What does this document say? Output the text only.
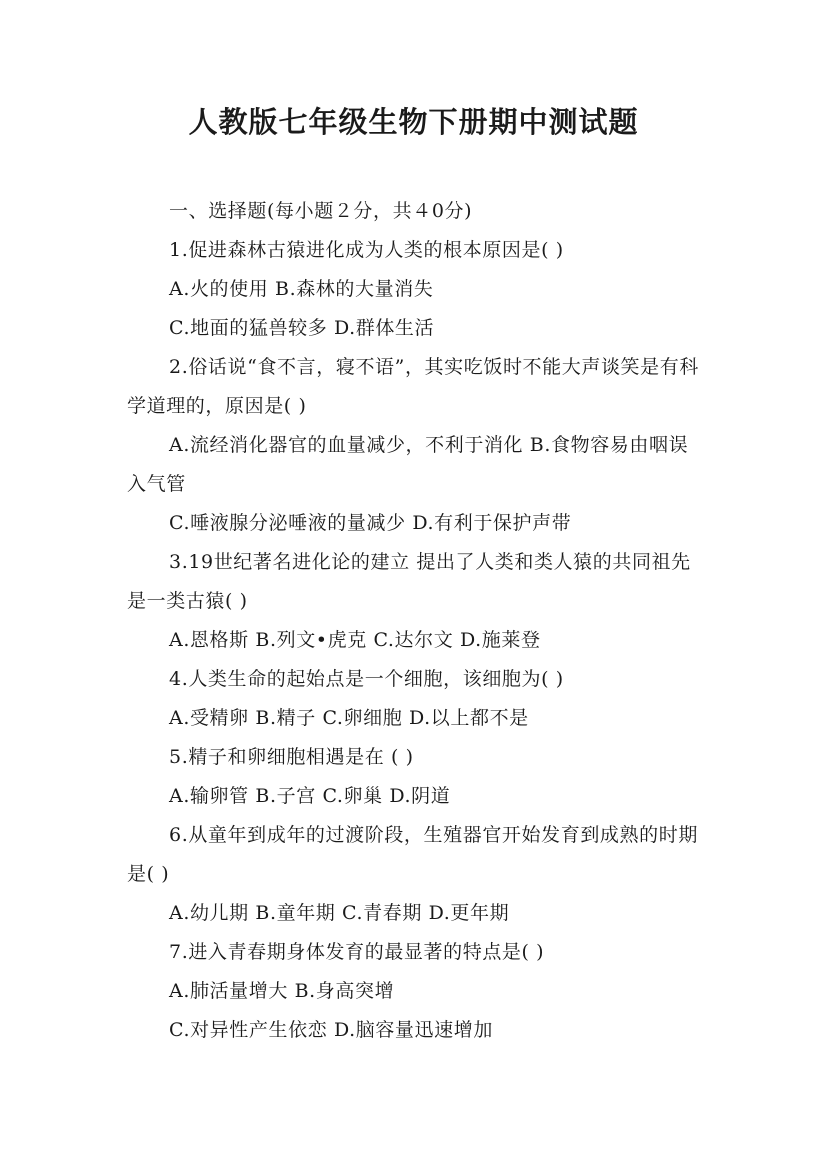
人教版七年级生物下册期中测试题

一、选择题(每小题２分，共４0分)

1.促进森林古猿进化成为人类的根本原因是( )

A.火的使用 B.森林的大量消失

C.地面的猛兽较多 D.群体生活

2.俗话说“食不言，寝不语”，其实吃饭时不能大声谈笑是有科学道理的，原因是( )

A.流经消化器官的血量减少，不利于消化 B.食物容易由咽误入气管

C.唾液腺分泌唾液的量减少 D.有利于保护声带

3.19世纪著名进化论的建立 提出了人类和类人猿的共同祖先是一类古猿( )

A.恩格斯 B.列文•虎克 C.达尔文 D.施莱登

4.人类生命的起始点是一个细胞，该细胞为( )

A.受精卵 B.精子 C.卵细胞 D.以上都不是

5.精子和卵细胞相遇是在 ( )

A.输卵管 B.子宫 C.卵巢 D.阴道

6.从童年到成年的过渡阶段，生殖器官开始发育到成熟的时期是( )

A.幼儿期 B.童年期 C.青春期 D.更年期

7.进入青春期身体发育的最显著的特点是( )

A.肺活量增大 B.身高突增

C.对异性产生依恋 D.脑容量迅速增加
